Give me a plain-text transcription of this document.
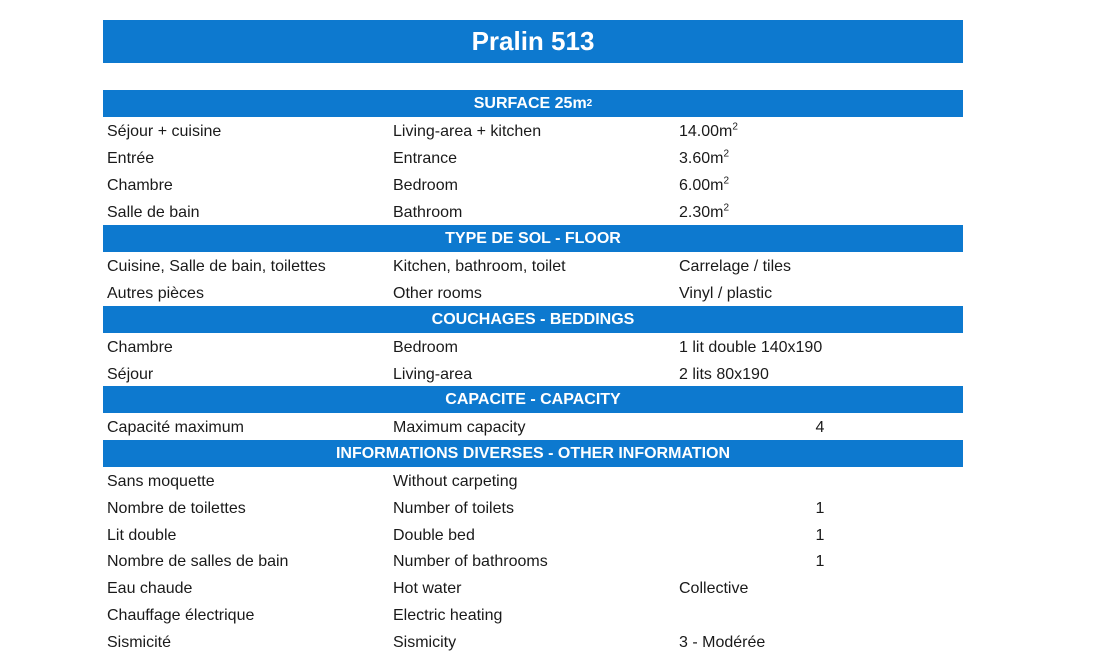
Pralin 513
SURFACE 25m 2
Séjour + cuisine	Living-area + kitchen	$14.00m^2$
Entrée	Entrance	$3.60m^2$
Chambre	Bedroom	$6.00m^2$
Salle de bain	Bathroom	$2.30m^2$
TYPE DE SOL - FLOOR
Cuisine, Salle de bain, toilettes	Kitchen, bathroom, toilet	Carrelage / tiles
Autres pièces	Other rooms	Vinyl / plastic
COUCHAGES - BEDDINGS
Chambre	Bedroom	1 lit double 140x190
Séjour	Living-area	2 lits 80x190
CAPACITE - CAPACITY
Capacité maximum	Maximum capacity	4
INFORMATIONS DIVERSES - OTHER INFORMATION
Sans moquette	Without carpeting
Nombre de toilettes	Number of toilets	1
Lit double	Double bed	1
Nombre de salles de bain	Number of bathrooms	1
Eau chaude	Hot water	Collective
Chauffage électrique	Electric heating
Sismicité	Sismicity	3 - Modérée
